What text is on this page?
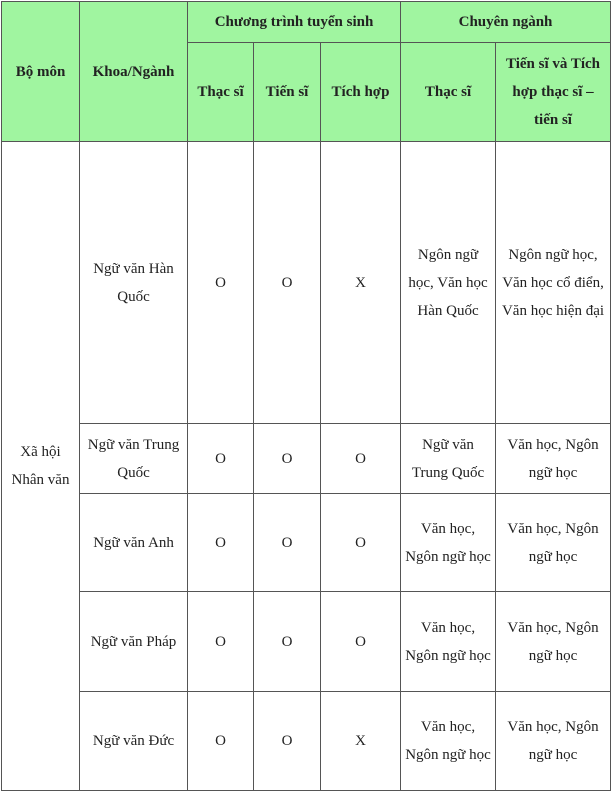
Bộ môn	Khoa/Ngành	Chương trình tuyển sinh			Chuyên ngành	
		Thạc sĩ	Tiến sĩ	Tích hợp	Thạc sĩ	Tiến sĩ và Tích hợp thạc sĩ – tiến sĩ
Xã hội Nhân văn	Ngữ văn Hàn Quốc	O	O	X	Ngôn ngữ học, Văn học Hàn Quốc	Ngôn ngữ học, Văn học cổ điển, Văn học hiện đại
	Ngữ văn Trung Quốc	O	O	O	Ngữ văn Trung Quốc	Văn học, Ngôn ngữ học
	Ngữ văn Anh	O	O	O	Văn học, Ngôn ngữ học	Văn học, Ngôn ngữ học
	Ngữ văn Pháp	O	O	O	Văn học, Ngôn ngữ học	Văn học, Ngôn ngữ học
	Ngữ văn Đức	O	O	X	Văn học, Ngôn ngữ học	Văn học, Ngôn ngữ học
